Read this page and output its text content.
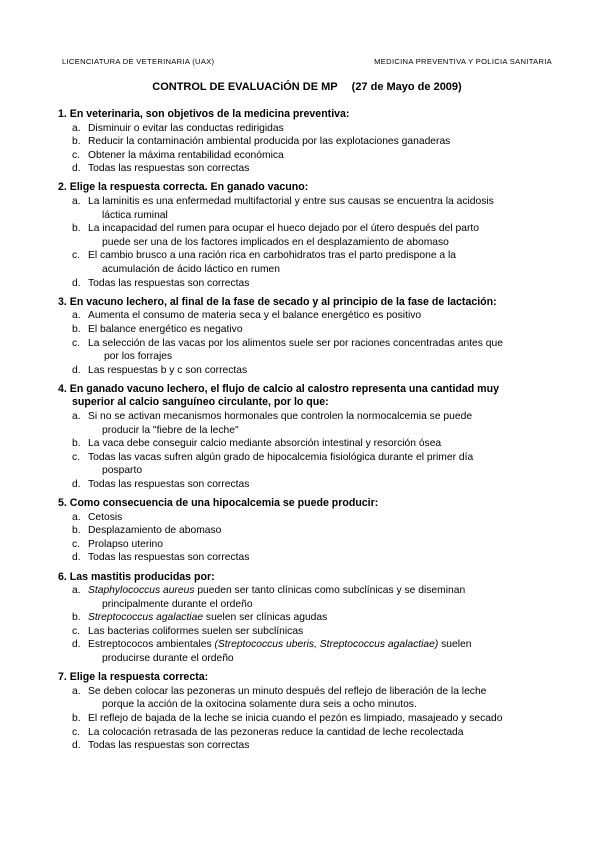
LICENCIATURA DE VETERINARIA (UAX)	MEDICINA PREVENTIVA Y POLICIA SANITARIA
CONTROL DE EVALUACiÓN DE MP (27 de Mayo de 2009)
1. En veterinaria, son objetivos de la medicina preventiva:
a. Disminuir o evitar las conductas redirigidas
b. Reducir la contaminación ambiental producida por las explotaciones ganaderas
c. Obtener la máxima rentabilidad económica
d. Todas las respuestas son correctas
2. Elige la respuesta correcta. En ganado vacuno:
a. La laminitis es una enfermedad multifactorial y entre sus causas se encuentra la acidosis
láctica ruminal
b. La incapacidad del rumen para ocupar el hueco dejado por el útero después del parto
puede ser una de los factores implicados en el desplazamiento de abomaso
c. El cambio brusco a una ración rica en carbohidratos tras el parto predispone a la
acumulación de ácido láctico en rumen
d. Todas las respuestas son correctas
3. En vacuno lechero, al final de la fase de secado y al principio de la fase de lactación:
a. Aumenta el consumo de materia seca y el balance energético es positivo
b. El balance energético es negativo
c. La selección de las vacas por los alimentos suele ser por raciones concentradas antes que
por los forrajes
d. Las respuestas b y c son correctas
4. En ganado vacuno lechero, el flujo de calcio al calostro representa una cantidad muy
superior al calcio sanguíneo circulante, por lo que:
a. Si no se activan mecanismos hormonales que controlen la normocalcemia se puede
producir la "fiebre de la leche"
b. La vaca debe conseguir calcio mediante absorción intestinal y resorción ósea
c. Todas las vacas sufren algún grado de hipocalcemia fisiológica durante el primer día
posparto
d. Todas las respuestas son correctas
5. Como consecuencia de una hipocalcemia se puede producir:
a. Cetosis
b. Desplazamiento de abomaso
c. Prolapso uterino
d. Todas las respuestas son correctas
6. Las mastitis producidas por:
a. Staphylococcus aureus pueden ser tanto clínicas como subclínicas y se diseminan
principalmente durante el ordeño
b. Streptococcus agalactiae suelen ser clínicas agudas
c. Las bacterias coliformes suelen ser subclínicas
d. Estreptococos ambientales (Streptococcus uberis, Streptococcus agalactiae) suelen
producirse durante el ordeño
7. Elige la respuesta correcta:
a. Se deben colocar las pezoneras un minuto después del reflejo de liberación de la leche
porque la acción de la oxitocina solamente dura seis a ocho minutos.
b. El reflejo de bajada de la leche se inicia cuando el pezón es limpiado, masajeado y secado
c. La colocación retrasada de las pezoneras reduce la cantidad de leche recolectada
d. Todas las respuestas son correctas
